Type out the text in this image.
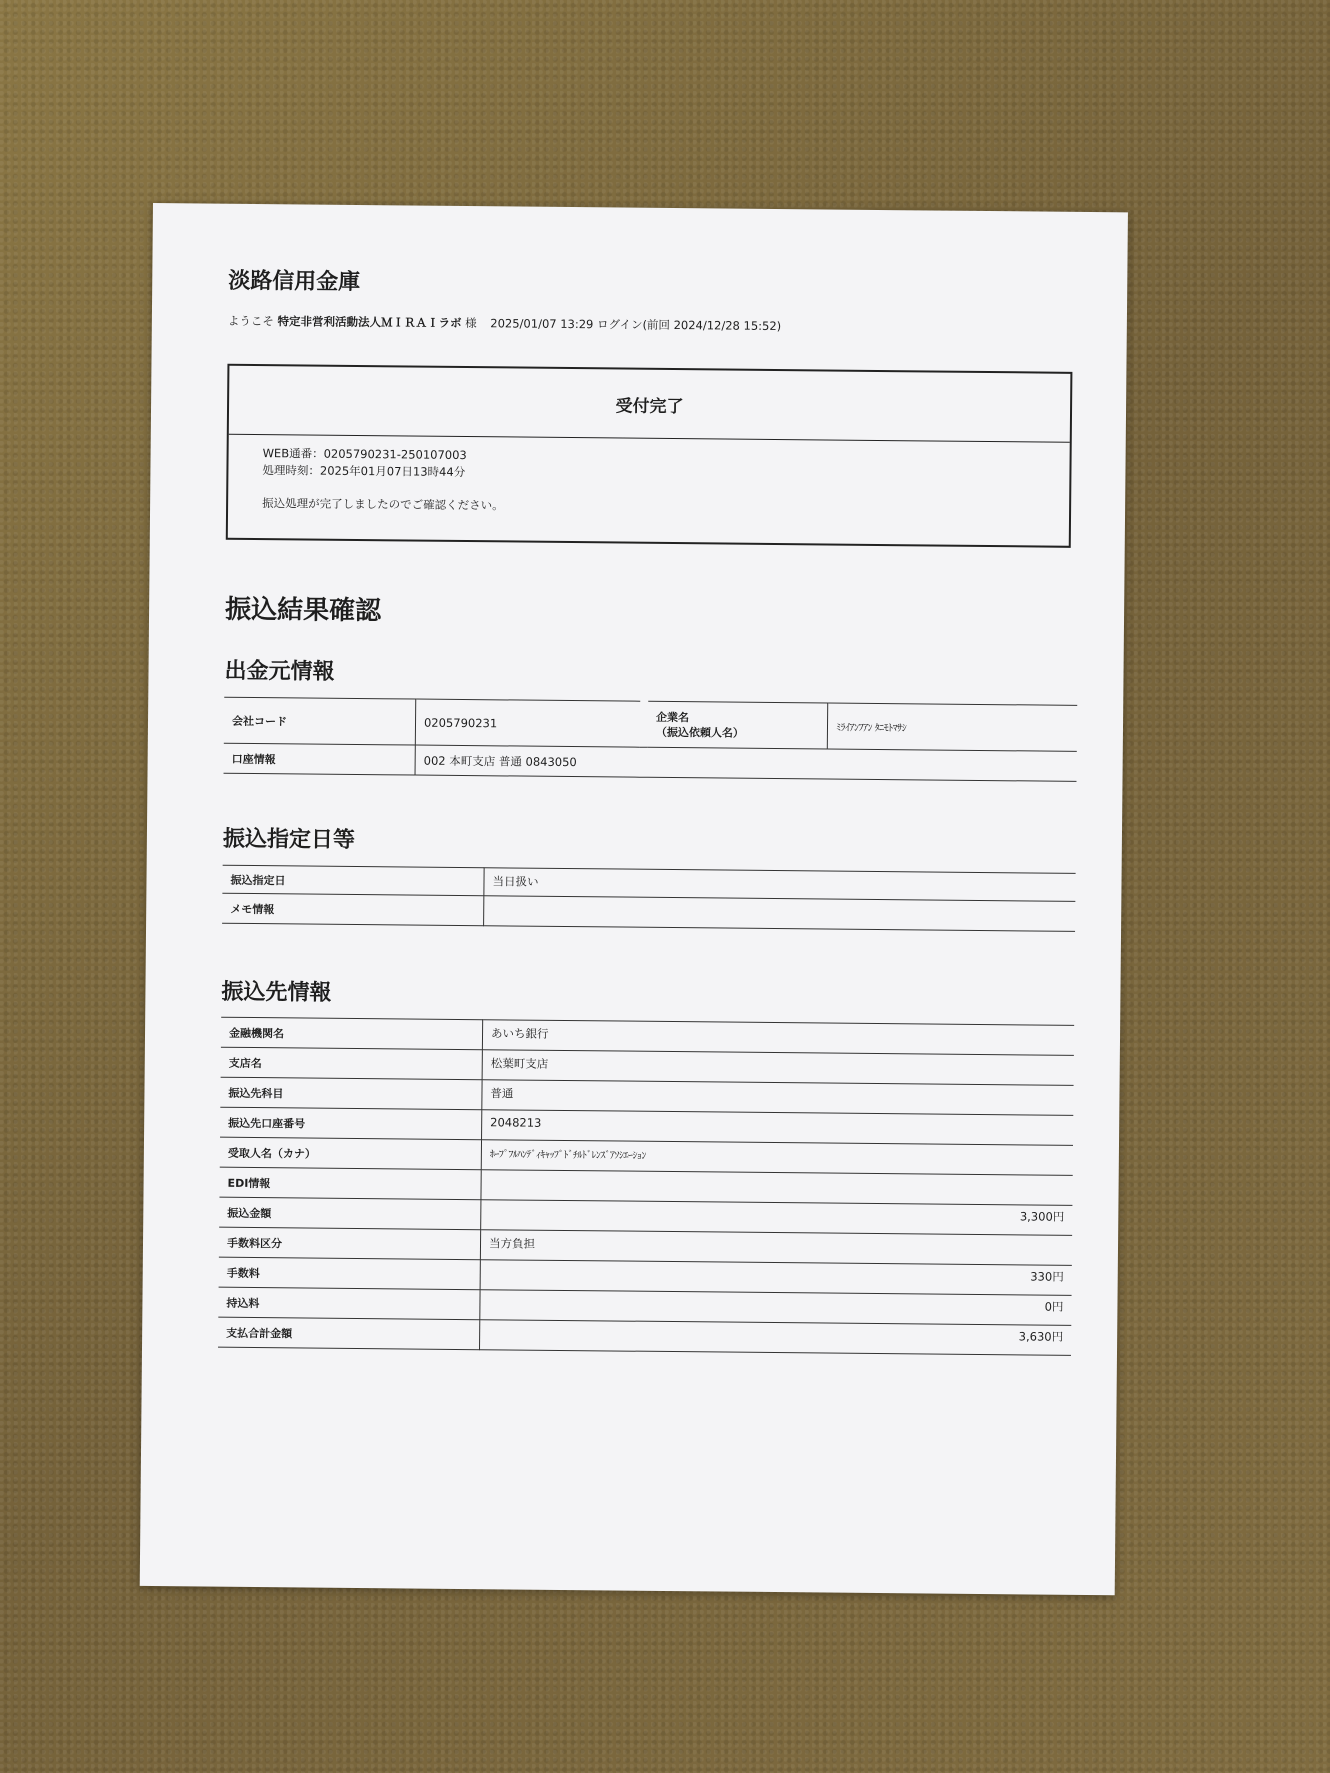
淡路信用金庫
ようこそ 特定非営利活動法人ＭＩＲＡＩラボ 様 2025/01/07 13:29 ログイン(前回 2024/12/28 15:52)
受付完了
WEB通番：0205790231-250107003
処理時刻：2025年01月07日13時44分
振込処理が完了しましたのでご確認ください。
振込結果確認
出金元情報
会社コード	0205790231		企業名
（振込依頼人名）	ﾐﾗｲｱﾝﾌｱﾝ ﾀﾆﾓﾄﾏｻｼ
口座情報	002 本町支店 普通 0843050			
振込指定日等
振込指定日	当日扱い
メモ情報	
振込先情報
金融機関名	あいち銀行
支店名	松葉町支店
振込先科目	普通
振込先口座番号	2048213
受取人名（カナ）	ﾎｰﾌﾟﾌﾙﾊﾝﾃﾞｨｷｬｯﾌﾟﾄﾞﾁﾙﾄﾞﾚﾝｽﾞｱｿｼｴｰｼｮﾝ
EDI情報	
振込金額	3,300円
手数料区分	当方負担
手数料	330円
持込料	0円
支払合計金額	3,630円
